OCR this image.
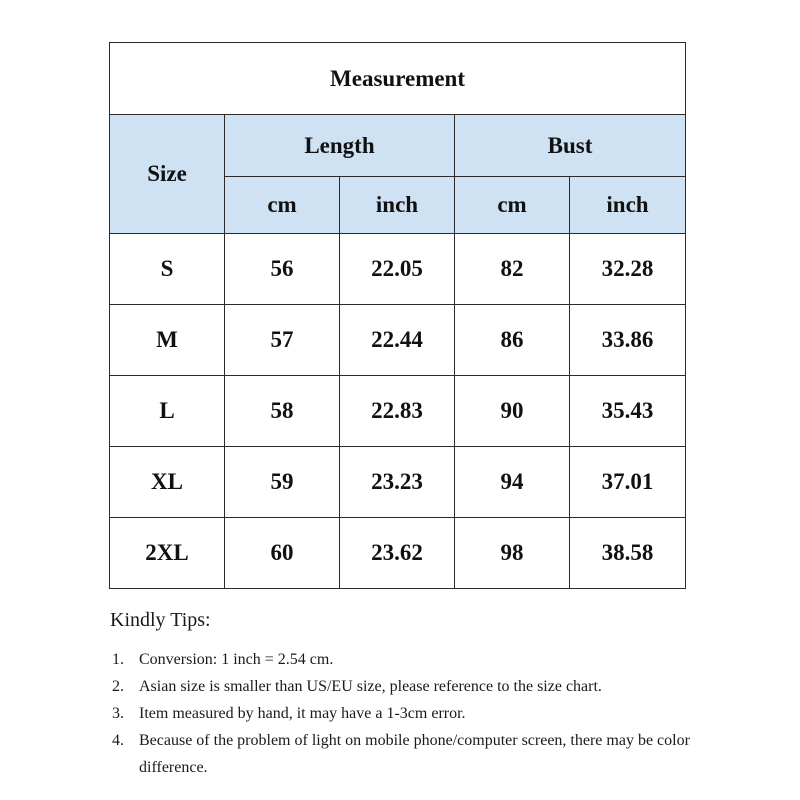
Measurement				
Size	Length		Bust	
	cm	inch	cm	inch
S	56	22.05	82	32.28
M	57	22.44	86	33.86
L	58	22.83	90	35.43
XL	59	23.23	94	37.01
2XL	60	23.62	98	38.58
Kindly Tips:
1. Conversion: 1 inch = 2.54 cm.
2. Asian size is smaller than US/EU size, please reference to the size chart.
3. Item measured by hand, it may have a 1-3cm error.
4. Because of the problem of light on mobile phone/computer screen, there may be color difference.
